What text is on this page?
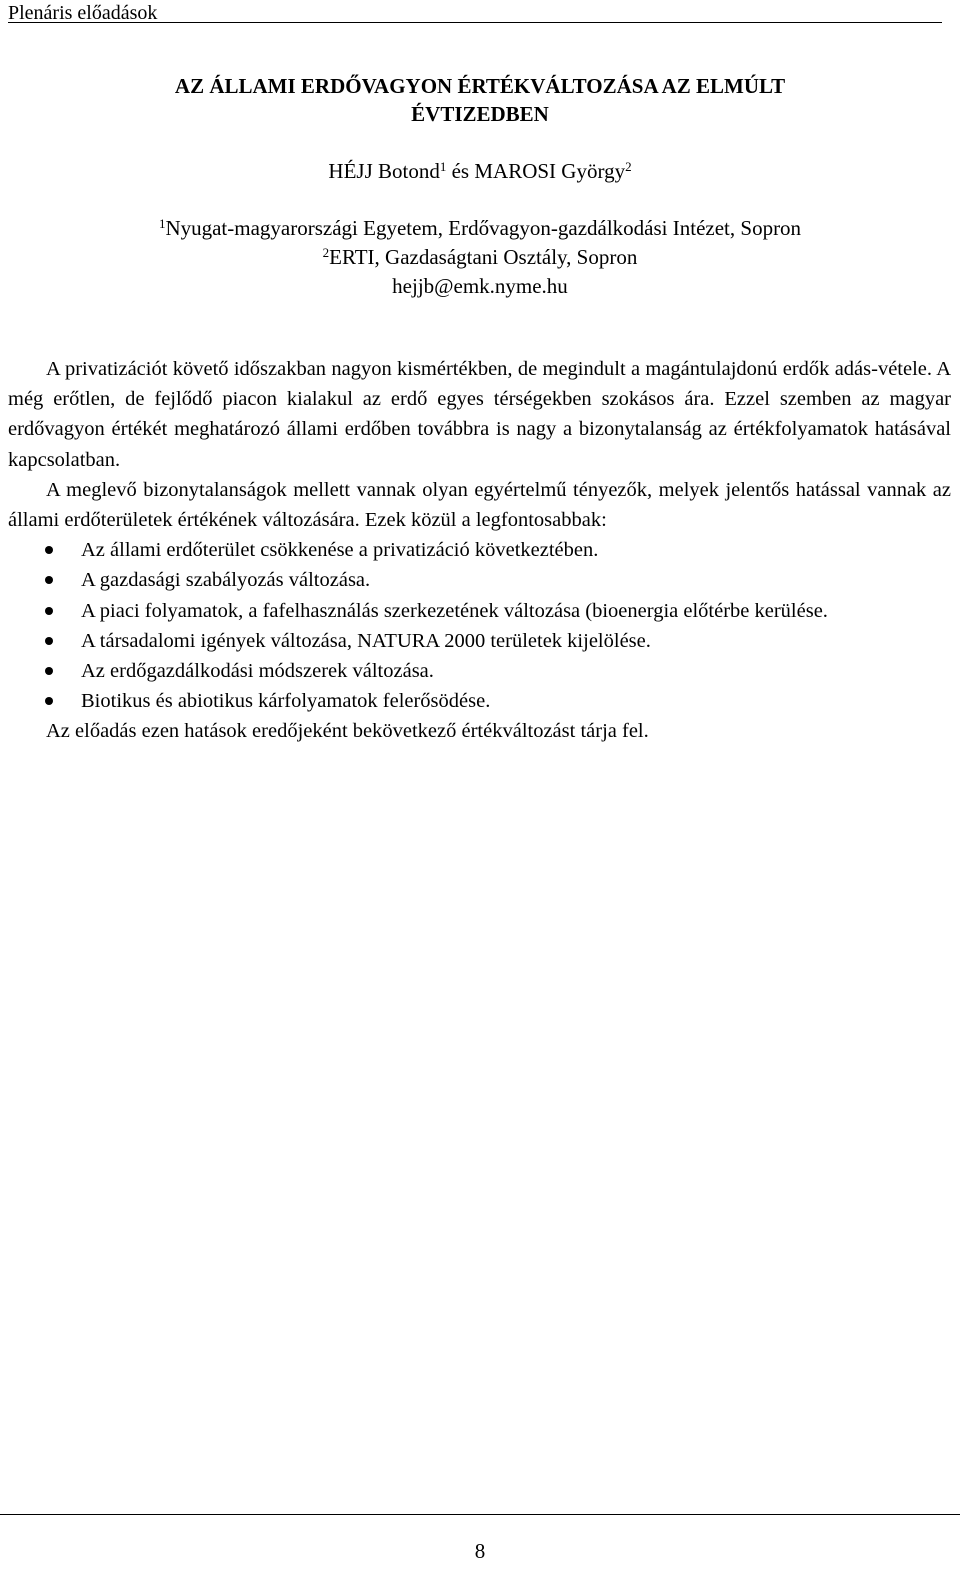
Plenáris előadások
AZ ÁLLAMI ERDŐVAGYON ÉRTÉKVÁLTOZÁSA AZ ELMÚLT
ÉVTIZEDBEN
HÉJJ Botond$^1$ és MAROSI György$^2$
$^1$Nyugat-magyarországi Egyetem, Erdővagyon-gazdálkodási Intézet, Sopron
$^2$ERTI, Gazdaságtani Osztály, Sopron
hejjb@emk.nyme.hu

A privatizációt követő időszakban nagyon kismértékben, de megindult a magántulajdonú erdők adás-vétele. A még erőtlen, de fejlődő piacon kialakul az erdő egyes térségekben szokásos ára. Ezzel szemben az magyar erdővagyon értékét meghatározó állami erdőben továbbra is nagy a bizonytalanság az értékfolyamatok hatásával kapcsolatban.

A meglevő bizonytalanságok mellett vannak olyan egyértelmű tényezők, melyek jelentős hatással vannak az állami erdőterületek értékének változására. Ezek közül a legfontosabbak:

Az állami erdőterület csökkenése a privatizáció következtében.
A gazdasági szabályozás változása.
A piaci folyamatok, a fafelhasználás szerkezetének változása (bioenergia előtérbe kerülése.
A társadalomi igények változása, NATURA 2000 területek kijelölése.
Az erdőgazdálkodási módszerek változása.
Biotikus és abiotikus kárfolyamatok felerősödése.

Az előadás ezen hatások eredőjeként bekövetkező értékváltozást tárja fel.

8
